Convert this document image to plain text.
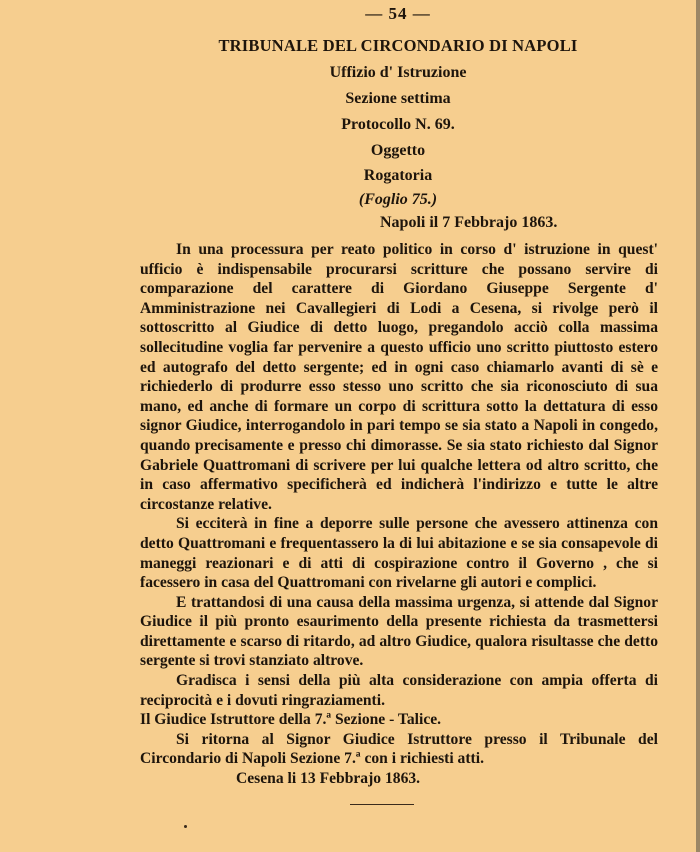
— 54 —
TRIBUNALE DEL CIRCONDARIO DI NAPOLI
Uffizio d' Istruzione
Sezione settima
Protocollo N. 69.
Oggetto
Rogatoria
(Foglio 75.)
Napoli il 7 Febbrajo 1863.

In una processura per reato politico in corso d' istruzione in quest' ufficio è indispensabile procurarsi scritture che possano servire di comparazione del carattere di Giordano Giuseppe Sergente d' Amministrazione nei Cavallegieri di Lodi a Cesena, si rivolge però il sottoscritto al Giudice di detto luogo, pregandolo acciò colla massima sollecitudine voglia far pervenire a questo ufficio uno scritto piuttosto estero ed autografo del detto sergente; ed in ogni caso chiamarlo avanti di sè e richiederlo di produrre esso stesso uno scritto che sia riconosciuto di sua mano, ed anche di formare un corpo di scrittura sotto la dettatura di esso signor Giudice, interrogandolo in pari tempo se sia stato a Napoli in congedo, quando precisamente e presso chi dimorasse. Se sia stato richiesto dal Signor Gabriele Quattromani di scrivere per lui qualche lettera od altro scritto, che in caso affermativo specificherà ed indicherà l'indirizzo e tutte le altre circostanze relative.

Si ecciterà in fine a deporre sulle persone che avessero attinenza con detto Quattromani e frequentassero la di lui abitazione e se sia consapevole di maneggi reazionari e di atti di cospirazione contro il Governo , che si facessero in casa del Quattromani con rivelarne gli autori e complici.

E trattandosi di una causa della massima urgenza, si attende dal Signor Giudice il più pronto esaurimento della presente richiesta da trasmettersi direttamente e scarso di ritardo, ad altro Giudice, qualora risultasse che detto sergente si trovi stanziato altrove.

Gradisca i sensi della più alta considerazione con ampia offerta di reciprocità e i dovuti ringraziamenti.

Il Giudice Istruttore della 7.ª Sezione - Talice.

Si ritorna al Signor Giudice Istruttore presso il Tribunale del Circondario di Napoli Sezione 7.ª con i richiesti atti.

Cesena li 13 Febbrajo 1863.
